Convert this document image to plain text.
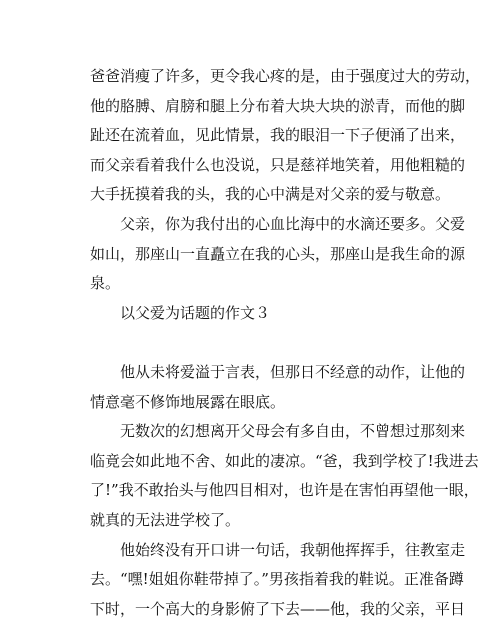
爸爸消瘦了许多，更令我心疼的是，由于强度过大的劳动，
他的胳膊、肩膀和腿上分布着大块大块的淤青，而他的脚
趾还在流着血，见此情景，我的眼泪一下子便涌了出来，
而父亲看着我什么也没说，只是慈祥地笑着，用他粗糙的
大手抚摸着我的头，我的心中满是对父亲的爱与敬意。
父亲，你为我付出的心血比海中的水滴还要多。父爱
如山，那座山一直矗立在我的心头，那座山是我生命的源
泉。
以父爱为话题的作文３
他从未将爱溢于言表，但那日不经意的动作，让他的
情意毫不修饰地展露在眼底。
无数次的幻想离开父母会有多自由，不曾想过那刻来
临竟会如此地不舍、如此的凄凉。“爸，我到学校了!我进去
了!”我不敢抬头与他四目相对，也许是在害怕再望他一眼，
就真的无法进学校了。
他始终没有开口讲一句话，我朝他挥挥手，往教室走
去。“嘿!姐姐你鞋带掉了。”男孩指着我的鞋说。正准备蹲
下时，一个高大的身影俯了下去——他，我的父亲，平日
